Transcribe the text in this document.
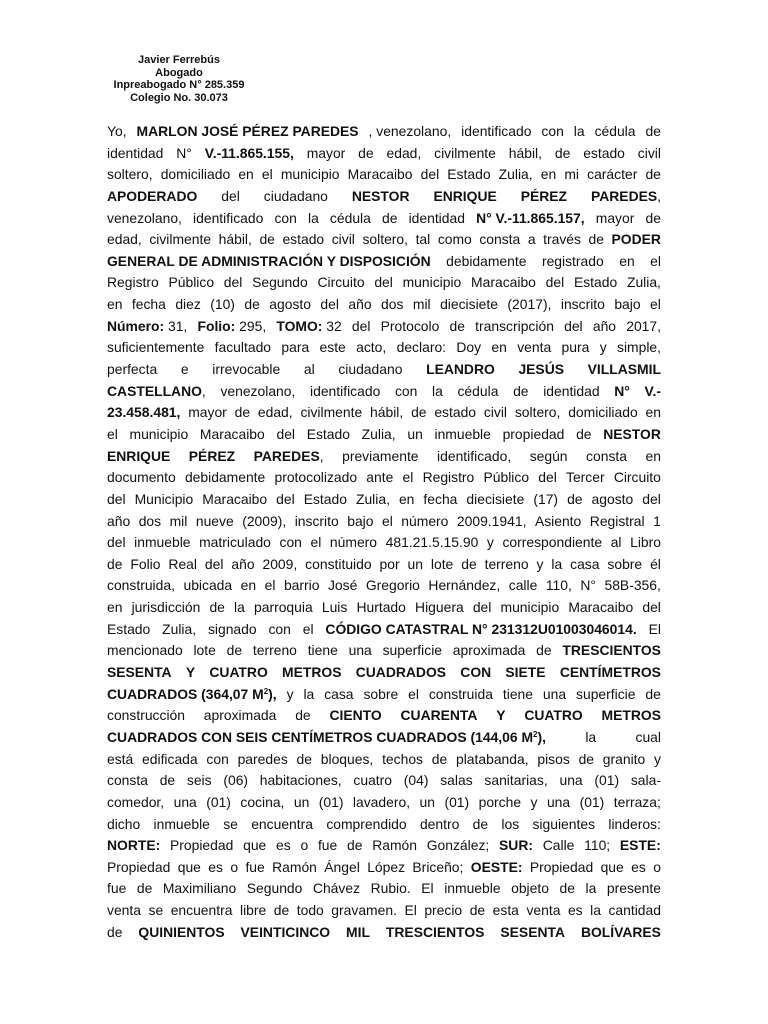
Javier Ferrebús
Abogado
Inpreabogado N° 285.359
Colegio No. 30.073
Yo, MARLON JOSÉ PÉREZ PAREDES , venezolano, identificado con la cédula de
identidad N° V.-11.865.155, mayor de edad, civilmente hábil, de estado civil
soltero, domiciliado en el municipio Maracaibo del Estado Zulia, en mi carácter de
APODERADO del ciudadano NESTOR ENRIQUE PÉREZ PAREDES,
venezolano, identificado con la cédula de identidad N° V.-11.865.157, mayor de
edad, civilmente hábil, de estado civil soltero, tal como consta a través de PODER
GENERAL DE ADMINISTRACIÓN Y DISPOSICIÓN debidamente registrado en el
Registro Público del Segundo Circuito del municipio Maracaibo del Estado Zulia,
en fecha diez (10) de agosto del año dos mil diecisiete (2017), inscrito bajo el
Número: 31, Folio: 295, TOMO: 32 del Protocolo de transcripción del año 2017,
suficientemente facultado para este acto, declaro: Doy en venta pura y simple,
perfecta e irrevocable al ciudadano LEANDRO JESÚS VILLASMIL
CASTELLANO, venezolano, identificado con la cédula de identidad N° V.-
23.458.481, mayor de edad, civilmente hábil, de estado civil soltero, domiciliado en
el municipio Maracaibo del Estado Zulia, un inmueble propiedad de NESTOR
ENRIQUE PÉREZ PAREDES, previamente identificado, según consta en
documento debidamente protocolizado ante el Registro Público del Tercer Circuito
del Municipio Maracaibo del Estado Zulia, en fecha diecisiete (17) de agosto del
año dos mil nueve (2009), inscrito bajo el número 2009.1941, Asiento Registral 1
del inmueble matriculado con el número 481.21.5.15.90 y correspondiente al Libro
de Folio Real del año 2009, constituido por un lote de terreno y la casa sobre él
construida, ubicada en el barrio José Gregorio Hernández, calle 110, N° 58B-356,
en jurisdicción de la parroquia Luis Hurtado Higuera del municipio Maracaibo del
Estado Zulia, signado con el CÓDIGO CATASTRAL N° 231312U01003046014. El
mencionado lote de terreno tiene una superficie aproximada de TRESCIENTOS
SESENTA Y CUATRO METROS CUADRADOS CON SIETE CENTÍMETROS
CUADRADOS (364,07 $M^2$), y la casa sobre el construida tiene una superficie de
construcción aproximada de CIENTO CUARENTA Y CUATRO METROS
CUADRADOS CON SEIS CENTÍMETROS CUADRADOS (144,06 $M^2$),	la	cual
está edificada con paredes de bloques, techos de platabanda, pisos de granito y
consta de seis (06) habitaciones, cuatro (04) salas sanitarias, una (01) sala-
comedor, una (01) cocina, un (01) lavadero, un (01) porche y una (01) terraza;
dicho inmueble se encuentra comprendido dentro de los siguientes linderos:
NORTE: Propiedad que es o fue de Ramón González; SUR: Calle 110; ESTE:
Propiedad que es o fue Ramón Ángel López Briceño; OESTE: Propiedad que es o
fue de Maximiliano Segundo Chávez Rubio. El inmueble objeto de la presente
venta se encuentra libre de todo gravamen. El precio de esta venta es la cantidad
de QUINIENTOS VEINTICINCO MIL TRESCIENTOS SESENTA BOLÍVARES
